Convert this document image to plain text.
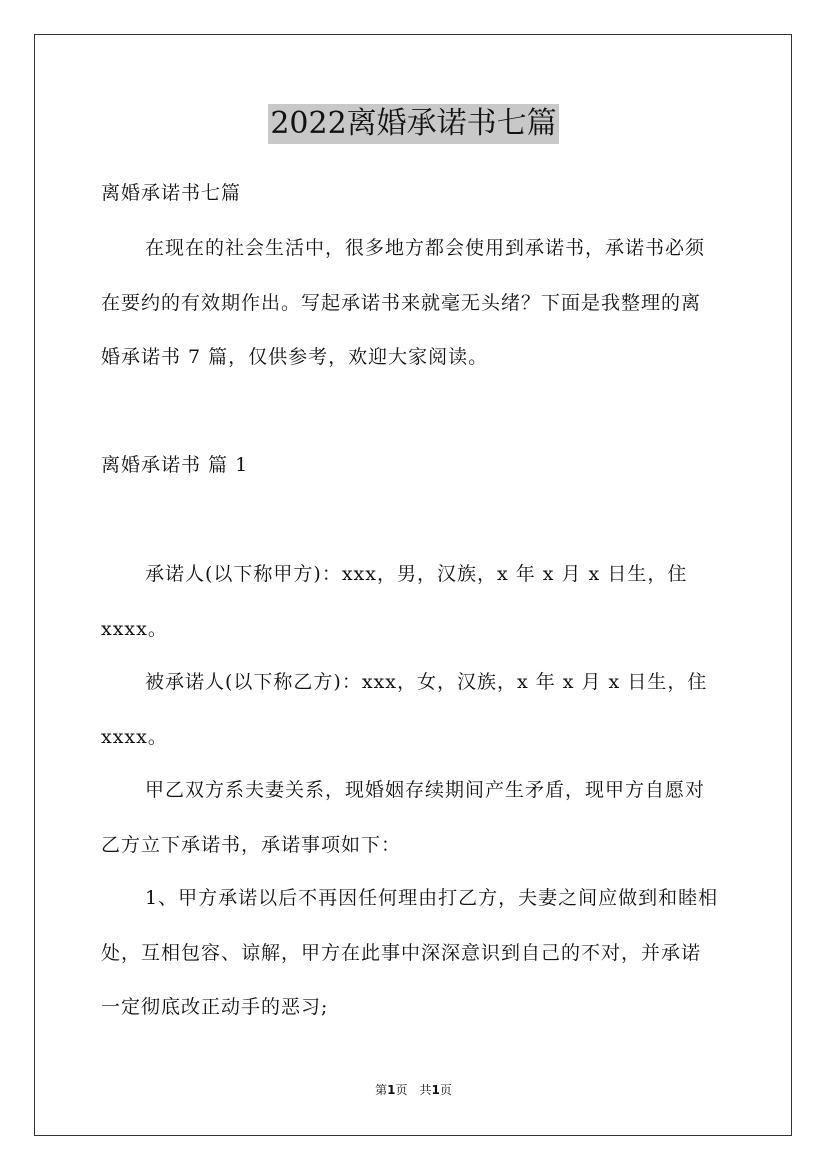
2022离婚承诺书七篇
离婚承诺书七篇
在现在的社会生活中，很多地方都会使用到承诺书，承诺书必须
在要约的有效期作出。写起承诺书来就毫无头绪？下面是我整理的离
婚承诺书 7 篇，仅供参考，欢迎大家阅读。
离婚承诺书 篇 1
承诺人(以下称甲方)：xxx，男，汉族，x 年 x 月 x 日生，住
xxxx。
被承诺人(以下称乙方)：xxx，女，汉族，x 年 x 月 x 日生，住
xxxx。
甲乙双方系夫妻关系，现婚姻存续期间产生矛盾，现甲方自愿对
乙方立下承诺书，承诺事项如下：
1、甲方承诺以后不再因任何理由打乙方，夫妻之间应做到和睦相
处，互相包容、谅解，甲方在此事中深深意识到自己的不对，并承诺
一定彻底改正动手的恶习;
第1页　共1页
